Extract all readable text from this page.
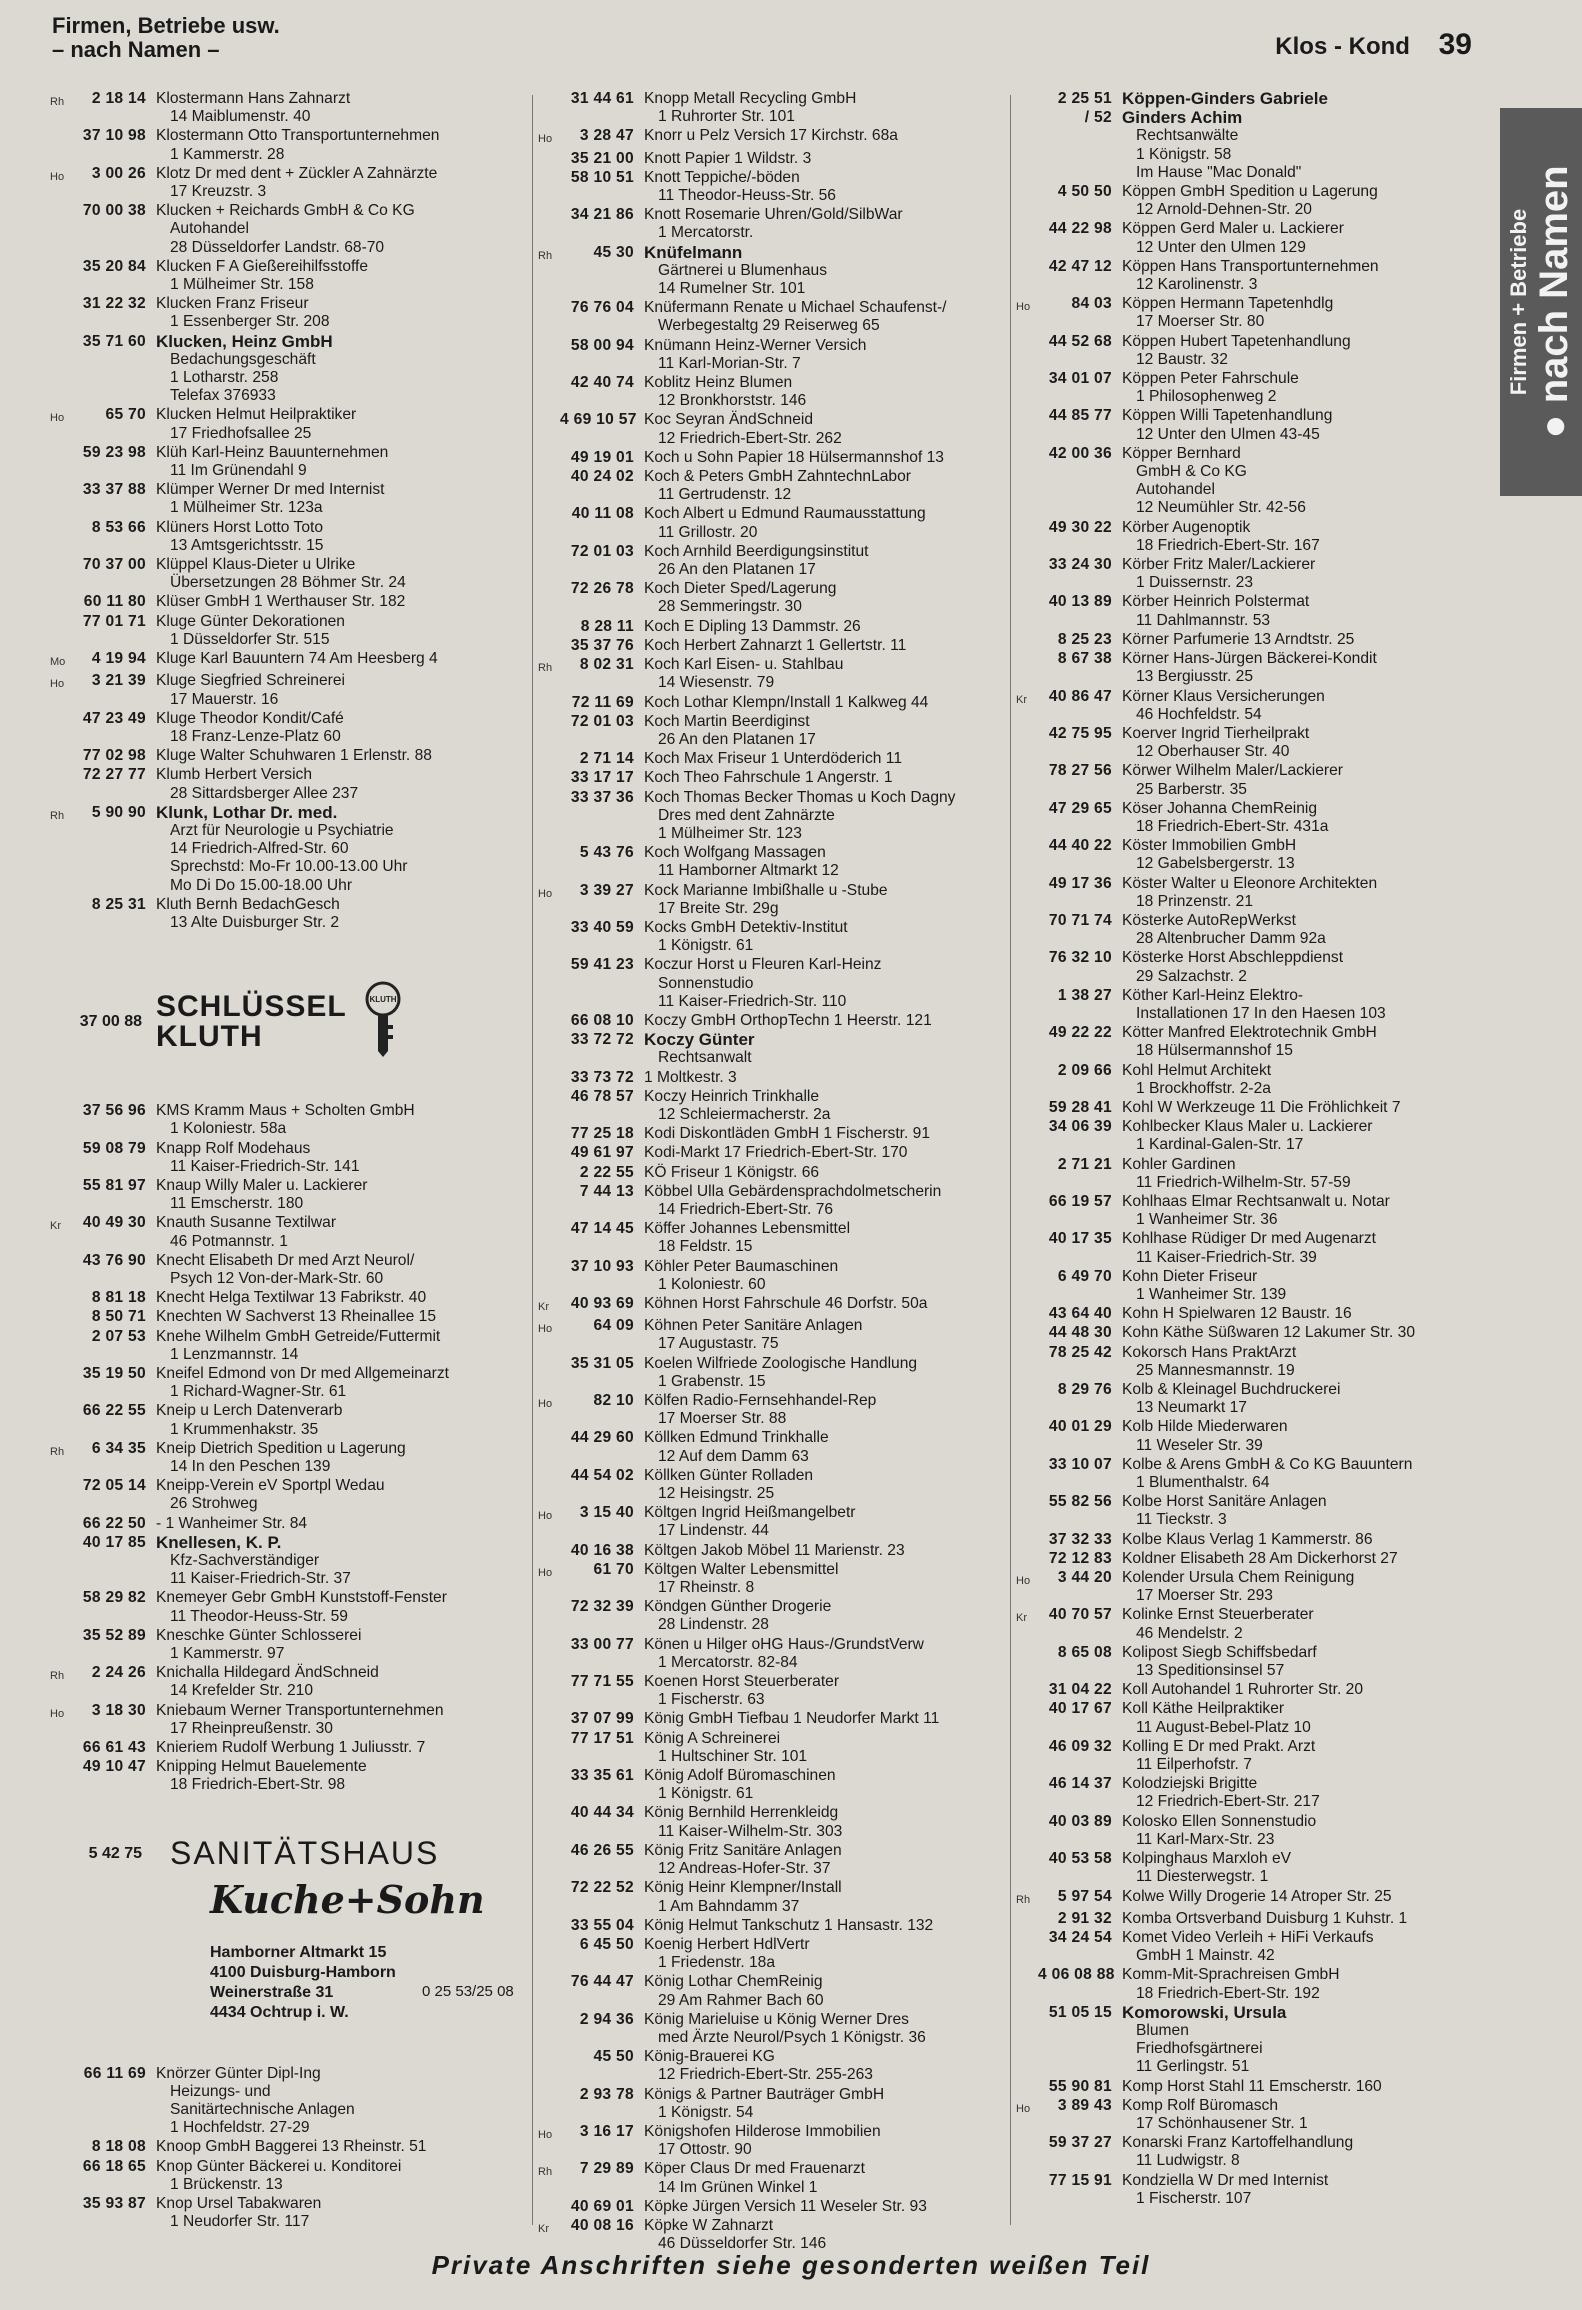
Firmen, Betriebe usw.
– nach Namen –	Klos - Kond 39
Firmen + Betriebe ● nach Namen
Rh	2 18 14 Klostermann Hans Zahnarzt
14 Maiblumenstr. 40
37 10 98 Klostermann Otto Transportunternehmen
1 Kammerstr. 28
Ho	3 00 26 Klotz Dr med dent + Zückler A Zahnärzte
17 Kreuzstr. 3
70 00 38 Klucken + Reichards GmbH & Co KG
Autohandel
28 Düsseldorfer Landstr. 68-70
35 20 84 Klucken F A Gießereihilfsstoffe
1 Mülheimer Str. 158
31 22 32 Klucken Franz Friseur
1 Essenberger Str. 208
35 71 60 Klucken, Heinz GmbH
Bedachungsgeschäft
1 Lotharstr. 258
Telefax 376933
Ho	65 70 Klucken Helmut Heilpraktiker
17 Friedhofsallee 25
59 23 98 Klüh Karl-Heinz Bauunternehmen
11 Im Grünendahl 9
33 37 88 Klümper Werner Dr med Internist
1 Mülheimer Str. 123a
8 53 66 Klüners Horst Lotto Toto
13 Amtsgerichtsstr. 15
70 37 00 Klüppel Klaus-Dieter u Ulrike
Übersetzungen 28 Böhmer Str. 24
60 11 80 Klüser GmbH 1 Werthauser Str. 182
77 01 71 Kluge Günter Dekorationen
1 Düsseldorfer Str. 515
Mo	4 19 94 Kluge Karl Bauuntern 74 Am Heesberg 4
Ho	3 21 39 Kluge Siegfried Schreinerei
17 Mauerstr. 16
47 23 49 Kluge Theodor Kondit/Café
18 Franz-Lenze-Platz 60
77 02 98 Kluge Walter Schuhwaren 1 Erlenstr. 88
72 27 77 Klumb Herbert Versich
28 Sittardsberger Allee 237
Rh	5 90 90 Klunk, Lothar Dr. med.
Arzt für Neurologie u Psychiatrie
14 Friedrich-Alfred-Str. 60
Sprechstd: Mo-Fr 10.00-13.00 Uhr
Mo Di Do 15.00-18.00 Uhr
8 25 31 Kluth Bernh BedachGesch
13 Alte Duisburger Str. 2
37 00 88 SCHLÜSSEL
KLUTH
KLUTH
37 56 96 KMS Kramm Maus + Scholten GmbH
1 Koloniestr. 58a
59 08 79 Knapp Rolf Modehaus
11 Kaiser-Friedrich-Str. 141
55 81 97 Knaup Willy Maler u. Lackierer
11 Emscherstr. 180
Kr	40 49 30 Knauth Susanne Textilwar
46 Potmannstr. 1
43 76 90 Knecht Elisabeth Dr med Arzt Neurol/
Psych 12 Von-der-Mark-Str. 60
8 81 18 Knecht Helga Textilwar 13 Fabrikstr. 40
8 50 71 Knechten W Sachverst 13 Rheinallee 15
2 07 53 Knehe Wilhelm GmbH Getreide/Futtermit
1 Lenzmannstr. 14
35 19 50 Kneifel Edmond von Dr med Allgemeinarzt
1 Richard-Wagner-Str. 61
66 22 55 Kneip u Lerch Datenverarb
1 Krummenhakstr. 35
Rh	6 34 35 Kneip Dietrich Spedition u Lagerung
14 In den Peschen 139
72 05 14 Kneipp-Verein eV Sportpl Wedau
26 Strohweg
66 22 50 - 1 Wanheimer Str. 84
40 17 85 Knellesen, K. P.
Kfz-Sachverständiger
11 Kaiser-Friedrich-Str. 37
58 29 82 Knemeyer Gebr GmbH Kunststoff-Fenster
11 Theodor-Heuss-Str. 59
35 52 89 Kneschke Günter Schlosserei
1 Kammerstr. 97
Rh	2 24 26 Knichalla Hildegard ÄndSchneid
14 Krefelder Str. 210
Ho	3 18 30 Kniebaum Werner Transportunternehmen
17 Rheinpreußenstr. 30
66 61 43 Knieriem Rudolf Werbung 1 Juliusstr. 7
49 10 47 Knipping Helmut Bauelemente
18 Friedrich-Ebert-Str. 98
5 42 75 SANITÄTSHAUS
Kuche+Sohn
Hamborner Altmarkt 15
4100 Duisburg-Hamborn
Weinerstraße 31
4434 Ochtrup i. W.
0 25 53/25 08
66 11 69 Knörzer Günter Dipl-Ing
Heizungs- und
Sanitärtechnische Anlagen
1 Hochfeldstr. 27-29
8 18 08 Knoop GmbH Baggerei 13 Rheinstr. 51
66 18 65 Knop Günter Bäckerei u. Konditorei
1 Brückenstr. 13
35 93 87 Knop Ursel Tabakwaren
1 Neudorfer Str. 117
31 44 61 Knopp Metall Recycling GmbH
1 Ruhrorter Str. 101
Ho	3 28 47 Knorr u Pelz Versich 17 Kirchstr. 68a
35 21 00 Knott Papier 1 Wildstr. 3
58 10 51 Knott Teppiche/-böden
11 Theodor-Heuss-Str. 56
34 21 86 Knott Rosemarie Uhren/Gold/SilbWar
1 Mercatorstr.
Rh	45 30 Knüfelmann
Gärtnerei u Blumenhaus
14 Rumelner Str. 101
76 76 04 Knüfermann Renate u Michael Schaufenst-/
Werbegestaltg 29 Reiserweg 65
58 00 94 Knümann Heinz-Werner Versich
11 Karl-Morian-Str. 7
42 40 74 Koblitz Heinz Blumen
12 Bronkhorststr. 146
4 69 10 57 Koc Seyran ÄndSchneid
12 Friedrich-Ebert-Str. 262
49 19 01 Koch u Sohn Papier 18 Hülsermannshof 13
40 24 02 Koch & Peters GmbH ZahntechnLabor
11 Gertrudenstr. 12
40 11 08 Koch Albert u Edmund Raumausstattung
11 Grillostr. 20
72 01 03 Koch Arnhild Beerdigungsinstitut
26 An den Platanen 17
72 26 78 Koch Dieter Sped/Lagerung
28 Semmeringstr. 30
8 28 11 Koch E Dipling 13 Dammstr. 26
35 37 76 Koch Herbert Zahnarzt 1 Gellertstr. 11
Rh	8 02 31 Koch Karl Eisen- u. Stahlbau
14 Wiesenstr. 79
72 11 69 Koch Lothar Klempn/Install 1 Kalkweg 44
72 01 03 Koch Martin Beerdiginst
26 An den Platanen 17
2 71 14 Koch Max Friseur 1 Unterdöderich 11
33 17 17 Koch Theo Fahrschule 1 Angerstr. 1
33 37 36 Koch Thomas Becker Thomas u Koch Dagny
Dres med dent Zahnärzte
1 Mülheimer Str. 123
5 43 76 Koch Wolfgang Massagen
11 Hamborner Altmarkt 12
Ho	3 39 27 Kock Marianne Imbißhalle u -Stube
17 Breite Str. 29g
33 40 59 Kocks GmbH Detektiv-Institut
1 Königstr. 61
59 41 23 Koczur Horst u Fleuren Karl-Heinz
Sonnenstudio
11 Kaiser-Friedrich-Str. 110
66 08 10 Koczy GmbH OrthopTechn 1 Heerstr. 121
33 72 72 Koczy Günter
Rechtsanwalt
33 73 72 1 Moltkestr. 3
46 78 57 Koczy Heinrich Trinkhalle
12 Schleiermacherstr. 2a
77 25 18 Kodi Diskontläden GmbH 1 Fischerstr. 91
49 61 97 Kodi-Markt 17 Friedrich-Ebert-Str. 170
2 22 55 KÖ Friseur 1 Königstr. 66
7 44 13 Köbbel Ulla Gebärdensprachdolmetscherin
14 Friedrich-Ebert-Str. 76
47 14 45 Köffer Johannes Lebensmittel
18 Feldstr. 15
37 10 93 Köhler Peter Baumaschinen
1 Koloniestr. 60
Kr	40 93 69 Köhnen Horst Fahrschule 46 Dorfstr. 50a
Ho	64 09 Köhnen Peter Sanitäre Anlagen
17 Augustastr. 75
35 31 05 Koelen Wilfriede Zoologische Handlung
1 Grabenstr. 15
Ho	82 10 Kölfen Radio-Fernsehhandel-Rep
17 Moerser Str. 88
44 29 60 Köllken Edmund Trinkhalle
12 Auf dem Damm 63
44 54 02 Köllken Günter Rolladen
12 Heisingstr. 25
Ho	3 15 40 Költgen Ingrid Heißmangelbetr
17 Lindenstr. 44
40 16 38 Költgen Jakob Möbel 11 Marienstr. 23
Ho	61 70 Költgen Walter Lebensmittel
17 Rheinstr. 8
72 32 39 Köndgen Günther Drogerie
28 Lindenstr. 28
33 00 77 Könen u Hilger oHG Haus-/GrundstVerw
1 Mercatorstr. 82-84
77 71 55 Koenen Horst Steuerberater
1 Fischerstr. 63
37 07 99 König GmbH Tiefbau 1 Neudorfer Markt 11
77 17 51 König A Schreinerei
1 Hultschiner Str. 101
33 35 61 König Adolf Büromaschinen
1 Königstr. 61
40 44 34 König Bernhild Herrenkleidg
11 Kaiser-Wilhelm-Str. 303
46 26 55 König Fritz Sanitäre Anlagen
12 Andreas-Hofer-Str. 37
72 22 52 König Heinr Klempner/Install
1 Am Bahndamm 37
33 55 04 König Helmut Tankschutz 1 Hansastr. 132
6 45 50 Koenig Herbert HdlVertr
1 Friedenstr. 18a
76 44 47 König Lothar ChemReinig
29 Am Rahmer Bach 60
2 94 36 König Marieluise u König Werner Dres
med Ärzte Neurol/Psych 1 Königstr. 36
45 50 König-Brauerei KG
12 Friedrich-Ebert-Str. 255-263
2 93 78 Königs & Partner Bauträger GmbH
1 Königstr. 54
Ho	3 16 17 Königshofen Hilderose Immobilien
17 Ottostr. 90
Rh	7 29 89 Köper Claus Dr med Frauenarzt
14 Im Grünen Winkel 1
40 69 01 Köpke Jürgen Versich 11 Weseler Str. 93
Kr	40 08 16 Köpke W Zahnarzt
46 Düsseldorfer Str. 146
2 25 51 Köppen-Ginders Gabriele
/ 52 Ginders Achim
Rechtsanwälte
1 Königstr. 58
Im Hause "Mac Donald"
4 50 50 Köppen GmbH Spedition u Lagerung
12 Arnold-Dehnen-Str. 20
44 22 98 Köppen Gerd Maler u. Lackierer
12 Unter den Ulmen 129
42 47 12 Köppen Hans Transportunternehmen
12 Karolinenstr. 3
Ho	84 03 Köppen Hermann Tapetenhdlg
17 Moerser Str. 80
44 52 68 Köppen Hubert Tapetenhandlung
12 Baustr. 32
34 01 07 Köppen Peter Fahrschule
1 Philosophenweg 2
44 85 77 Köppen Willi Tapetenhandlung
12 Unter den Ulmen 43-45
42 00 36 Köpper Bernhard
GmbH & Co KG
Autohandel
12 Neumühler Str. 42-56
49 30 22 Körber Augenoptik
18 Friedrich-Ebert-Str. 167
33 24 30 Körber Fritz Maler/Lackierer
1 Duissernstr. 23
40 13 89 Körber Heinrich Polstermat
11 Dahlmannstr. 53
8 25 23 Körner Parfumerie 13 Arndtstr. 25
8 67 38 Körner Hans-Jürgen Bäckerei-Kondit
13 Bergiusstr. 25
Kr	40 86 47 Körner Klaus Versicherungen
46 Hochfeldstr. 54
42 75 95 Koerver Ingrid Tierheilprakt
12 Oberhauser Str. 40
78 27 56 Körwer Wilhelm Maler/Lackierer
25 Barberstr. 35
47 29 65 Köser Johanna ChemReinig
18 Friedrich-Ebert-Str. 431a
44 40 22 Köster Immobilien GmbH
12 Gabelsbergerstr. 13
49 17 36 Köster Walter u Eleonore Architekten
18 Prinzenstr. 21
70 71 74 Kösterke AutoRepWerkst
28 Altenbrucher Damm 92a
76 32 10 Kösterke Horst Abschleppdienst
29 Salzachstr. 2
1 38 27 Köther Karl-Heinz Elektro-
Installationen 17 In den Haesen 103
49 22 22 Kötter Manfred Elektrotechnik GmbH
18 Hülsermannshof 15
2 09 66 Kohl Helmut Architekt
1 Brockhoffstr. 2-2a
59 28 41 Kohl W Werkzeuge 11 Die Fröhlichkeit 7
34 06 39 Kohlbecker Klaus Maler u. Lackierer
1 Kardinal-Galen-Str. 17
2 71 21 Kohler Gardinen
11 Friedrich-Wilhelm-Str. 57-59
66 19 57 Kohlhaas Elmar Rechtsanwalt u. Notar
1 Wanheimer Str. 36
40 17 35 Kohlhase Rüdiger Dr med Augenarzt
11 Kaiser-Friedrich-Str. 39
6 49 70 Kohn Dieter Friseur
1 Wanheimer Str. 139
43 64 40 Kohn H Spielwaren 12 Baustr. 16
44 48 30 Kohn Käthe Süßwaren 12 Lakumer Str. 30
78 25 42 Kokorsch Hans PraktArzt
25 Mannesmannstr. 19
8 29 76 Kolb & Kleinagel Buchdruckerei
13 Neumarkt 17
40 01 29 Kolb Hilde Miederwaren
11 Weseler Str. 39
33 10 07 Kolbe & Arens GmbH & Co KG Bauuntern
1 Blumenthalstr. 64
55 82 56 Kolbe Horst Sanitäre Anlagen
11 Tieckstr. 3
37 32 33 Kolbe Klaus Verlag 1 Kammerstr. 86
72 12 83 Koldner Elisabeth 28 Am Dickerhorst 27
Ho	3 44 20 Kolender Ursula Chem Reinigung
17 Moerser Str. 293
Kr	40 70 57 Kolinke Ernst Steuerberater
46 Mendelstr. 2
8 65 08 Kolipost Siegb Schiffsbedarf
13 Speditionsinsel 57
31 04 22 Koll Autohandel 1 Ruhrorter Str. 20
40 17 67 Koll Käthe Heilpraktiker
11 August-Bebel-Platz 10
46 09 32 Kolling E Dr med Prakt. Arzt
11 Eilperhofstr. 7
46 14 37 Kolodziejski Brigitte
12 Friedrich-Ebert-Str. 217
40 03 89 Kolosko Ellen Sonnenstudio
11 Karl-Marx-Str. 23
40 53 58 Kolpinghaus Marxloh eV
11 Diesterwegstr. 1
Rh	5 97 54 Kolwe Willy Drogerie 14 Atroper Str. 25
2 91 32 Komba Ortsverband Duisburg 1 Kuhstr. 1
34 24 54 Komet Video Verleih + HiFi Verkaufs
GmbH 1 Mainstr. 42
4 06 08 88 Komm-Mit-Sprachreisen GmbH
18 Friedrich-Ebert-Str. 192
51 05 15 Komorowski, Ursula
Blumen
Friedhofsgärtnerei
11 Gerlingstr. 51
55 90 81 Komp Horst Stahl 11 Emscherstr. 160
Ho	3 89 43 Komp Rolf Büromasch
17 Schönhausener Str. 1
59 37 27 Konarski Franz Kartoffelhandlung
11 Ludwigstr. 8
77 15 91 Kondziella W Dr med Internist
1 Fischerstr. 107
Private Anschriften siehe gesonderten weißen Teil
